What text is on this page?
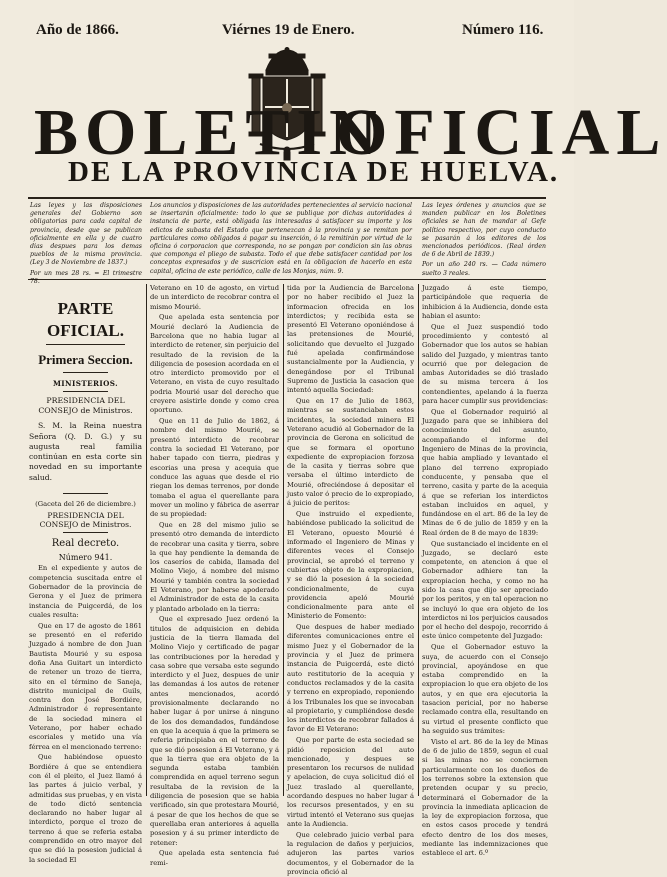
Año de 1866.	Viérnes 19 de Enero.	Número 116.
BOLETIN
OFICIAL
DE LA PROVINCIA DE HUELVA.
Las leyes y las disposiciones generales del Gobierno son obligatorias para cada capital de provincia, desde que se publican oficialmente en ella y de cuatro dias despues para los demas pueblos de la misma provincia. (Ley 3 de Noviembre de 1837.)
Por un mes 28 rs. = El trimestre 78.
Los anuncios y disposiciones de las autoridades pertenecientes al servicio nacional se insertarán oficialmente: todo lo que se publique por dichas autoridades á instancia de parte, está obligada las interesadas á satisfacer su importe y los edictos de subasta del Estado que pertenezcan á la provincia y se remitan por particulares como obligados á pagar su inserción, ó la remitirán por virtud de la oficina ó corporacion que corresponda, no se pongan por condicion sin las obras que componga el pliego de subasta. Todo el que debe satisfacer cantidad por los conceptos expresados y de suscricion está en la obligacion de hacerlo en esta capital, oficina de este periódico, calle de las Monjas, núm. 9.
Las leyes órdenes y anuncios que se manden publicar en los Boletines oficiales se han de mandar al Gefe político respectivo, por cuyo conducto se pasarán á los editores de los mencionados periódicos. (Real órden de 6 de Abril de 1839.)
Por un año 240 rs. — Cada número suelto 3 reales.
PARTE OFICIAL.
Primera Seccion.

MINISTERIOS.

PRESIDENCIA DEL CONSEJO de Ministros.

S. M. la Reina nuestra Señora (Q. D. G.) y su augusta real familia continúan en esta corte sin novedad en su importante salud.

(Gaceta del 26 de diciembre.)

PRESIDENCIA DEL CONSEJO de Ministros.

Real decreto.

Número 941.

En el expediente y autos de competencia suscitada entre el Gobernador de la provincia de Gerona y el Juez de primera instancia de Puigcerdá, de los cuales resulta:

Que en 17 de agosto de 1861 se presentó en el referido Juzgado á nombre de don Juan Bautista Mourié y su esposa doña Ana Guitart un interdicto de retener un trozo de tierra, sito en el término de Saneja, distrito municipal de Guils, contra don José Bordiére, Administrador é representante de la sociedad minera el Veterano, por haber echado escoriales y metido una vía férrea en el mencionado terreno:

Que habiéndose opuesto Bordiére á que se entendiera con él el pleito, el Juez llamó á las partes á juicio verbal, y admitidas sus pruebas, y en vista de todo dictó sentencia declarando no haber lugar al interdicto, porque el trozo de terreno á que se referia estaba comprendido en otro mayor del que se dió la posesion judicial á la sociedad El

Veterano en 10 de agosto, en virtud de un interdicto de recobrar contra el mismo Mourié.

Que apelada esta sentencia por Mourié declaró la Audiencia de Barcelona que no habia lugar al interdicto de retener, sin perjuicio del resultado de la revision de la diligencia de posesion acordada en el otro interdicto promovido por el Veterano, en vista de cuyo resultado podria Mourié usar del derecho que creyere asistirle donde y como crea oportuno.

Que en 11 de Julio de 1862, á nombre del mismo Mourié, se presentó interdicto de recobrar contra la sociedad El Veterano, por haber tapado con tierra, piedras y escorias una presa y acequia que conduce las aguas que desde el rio riegan los demas terrenos, por donde tomaba el agua el querellante para mover un molino y fábrica de aserrar de su propiedad:

Que en 28 del mismo julio se presentó otro demanda de interdicto de recobrar una casita y tierra, sobre la que hay pendiente la demanda de los caseríos de cabida, llamada del Molino Viejo, á nombre del mismo Mourié y también contra la sociedad El Veterano, por haberse apoderado el Administrador de esta de la casita y plantado arbolado en la tierra:

Que el expresado Juez ordenó la titulos de adquisicion en debida justicia de la tierra llamada del Molino Viejo y certificado de pagar las contribuciones por la heredad y casa sobre que versaba este segundo interdicto y el Juez, despues de unir las demandas á los autos de retener antes mencionados, acordó provisionalmente declarando no haber lugar á por unirse á ninguno de los dos demandados, fundándose en que la acequia á que la primera se referia principiaba en el terreno de que se dió posesion á El Veterano, y á que la tierra que era objeto de la segunda estaba también comprendida en aquel terreno segun resultaba de la revision de la diligencia de posesion que se habia verificado, sin que protestara Mourié, á pesar de que los hechos de que se querellaba eran anteriores á aquella posesion y á su primer interdicto de retener:

Que apelada esta sentencia fué remi-

tida por la Audiencia de Barcelona por no haber recibido el Juez la informacion ofrecida en los interdictos; y recibida esta se presentó El Veterano oponiéndose á las pretensiones de Mourié, solicitando que devuelto el Juzgado fué apelada confirmándose sustancialmente por la Audiencia, y denegándose por el Tribunal Supremo de Justicia la casacion que intentó aquella Sociedad:

Que en 17 de Julio de 1863, mientras se sustanciaban estos incidentes, la sociedad minera El Veterano acudió al Gobernador de la provincia de Gerona en solicitud de que se formara el oportuno expediente de expropiacion forzosa de la casita y tierras sobre que versaba el último interdicto de Mourié, ofreciéndose á depositar el justo valor ó precio de lo expropiado, á juicio de peritos:

Que instruido el expediente, habiéndose publicado la solicitud de El Veterano, opuesto Mourié é informado el Ingeniero de Minas y diferentes veces el Consejo provincial, se aprobó el terreno y cubiertas objeto de la expropiacion, y se dió la posesion á la sociedad condicionalmente, de cuya providencia apeló Mourié condicionalmente para ante el Ministerio de Fomento:

Que despues de haber mediado diferentes comunicaciones entre el mismo Juez y el Gobernador de la provincia y el Juez de primera instancia de Puigcerdá, este dictó auto restitutorio de la acequia y conductos reclamados y de la casita y terreno en expropiado, reponiendo á los Tribunales los que se invocaban al propietario, y cumpliéndose desde los interdictos de recobrar fallados á favor de El Veterano:

Que por parte de esta sociedad se pidió reposicion del auto mencionado, y despues se presentaron los recursos de nulidad y apelacion, de cuya solicitud dió el Juez traslado al querellante, acordando despues no haber lugar á los recursos presentados, y en su virtud intentó el Veterano sus quejas ante la Audiencia.

Que celebrado juicio verbal para la regulacion de daños y perjuicios, adujeron las partes varios documentos, y el Gobernador de la provincia ofició al

Juzgado á este tiempo, participándole que requeria de inhibicion á la Audiencia, donde esta habian el asunto:

Que el Juez suspendió todo procedimiento y contestó al Gobernador que los autos se habian salido del Juzgado, y mientras tanto ocurrió que por delegacion de ambas Autoridades se dió traslado de su misma tercera á los contendientes, apelando á la fuerza para hacer cumplir sus providencias:

Que el Gobernador requirió al Juzgado para que se inhibiera del conocimiento del asunto, acompañando el informe del Ingeniero de Minas de la provincia, que habia ampliado y levantado el plano del terreno expropiado conducente, y pensaba que el terreno, casita y parte de la acequia á que se referian los interdictos estaban incluidos en aquel, y fundándose en el art. 86 de la ley de Minas de 6 de julio de 1859 y en la Real órden de 8 de mayo de 1839:

Que sustanciado el incidente en el Juzgado, se declaró este competente, en atencion á que el Gobernador adhiere tan la expropiacion hecha, y como no ha sido la casa que dijo ser apreciado por los peritos, y en tal operacion no se incluyó lo que era objeto de los interdictos ni los perjuicios causados por el hecho del despojo, recorrido á este único competente del Juzgado:

Que el Gobernador estuvo la suya, de acuerdo con el Consejo provincial, apoyándose en que estaba comprendido en la expropiacion lo que era objeto de los autos, y en que era ejecutoria la tasacion pericial, por no haberse reclamado contra ella, resultando en su virtud el presente conflicto que ha seguido sus trámites:

Visto el art. 86 de la ley de Minas de 6 de julio de 1859, segun el cual si las minas no se conciernen particularmente con los dueños de los terrenos sobre la extension que pretenden ocupar y su precio, determinará el Gobernador de la provincia la inmediata aplicacion de la ley de expropiacion forzosa, que en estos casos procede y tendrá efecto dentro de los dos meses, mediante las indemnizaciones que establece el art. 6.º
